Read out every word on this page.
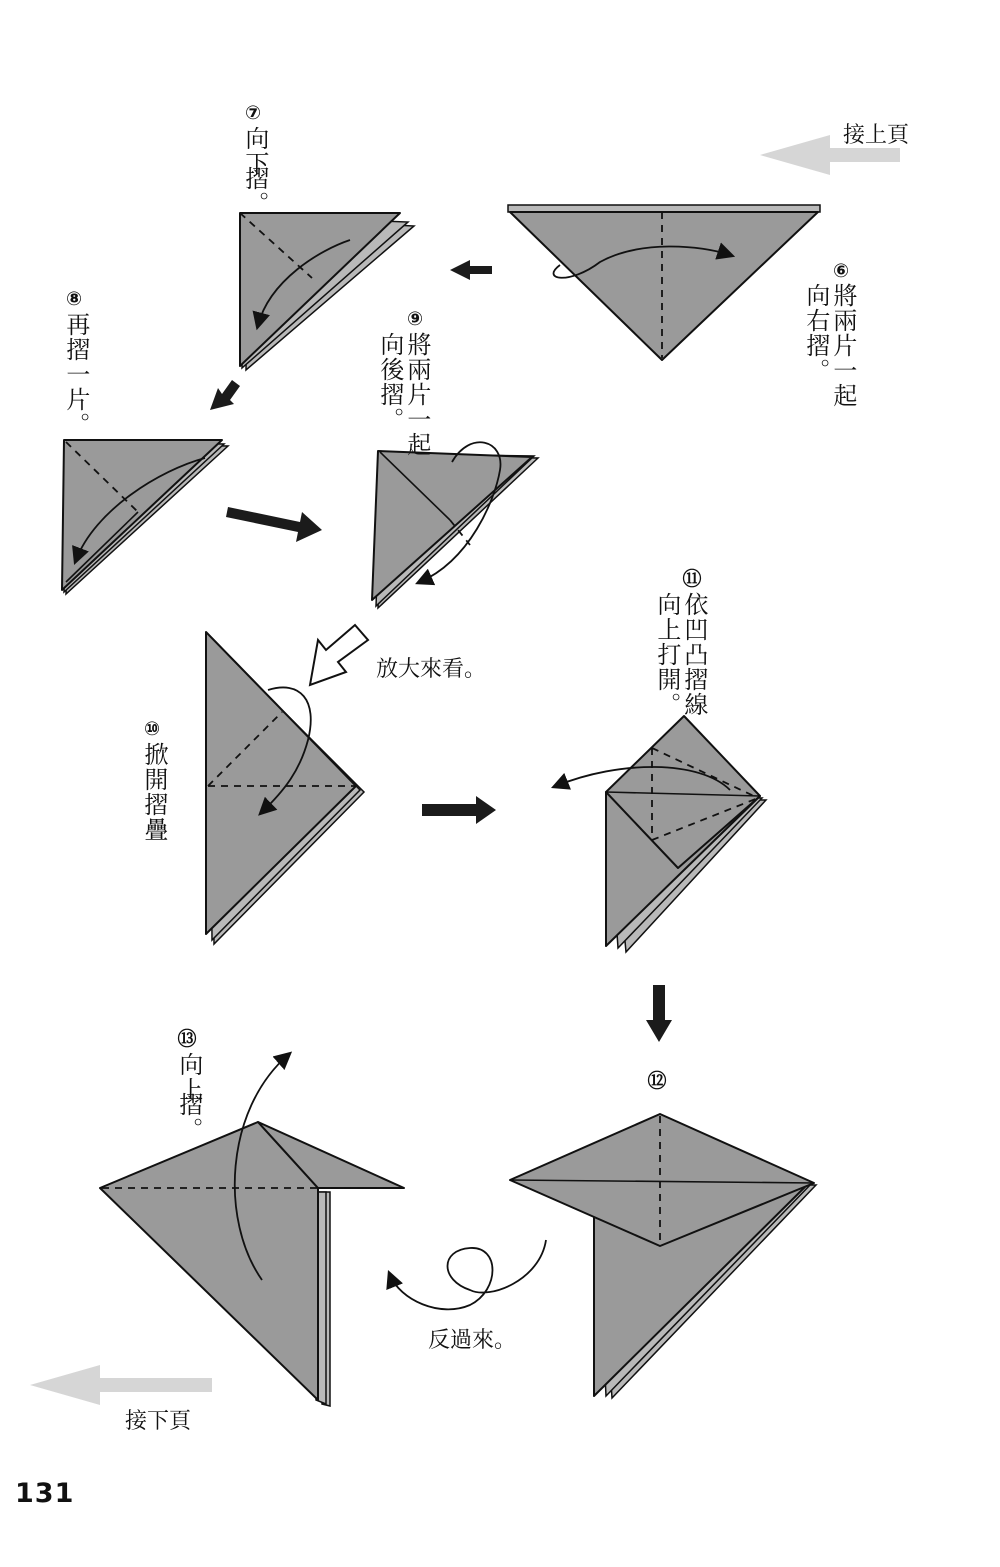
接上頁
接下頁
⑥
將兩片一起
向右摺。
⑦
向下
摺。
⑧
再摺一片。	⑨
將兩片一起
向後摺。
放大來看。
⑩
掀開摺疊
⑪
依凹凸摺線
向上打開。
⑫
反過來。
⑬
向上
摺。
131
